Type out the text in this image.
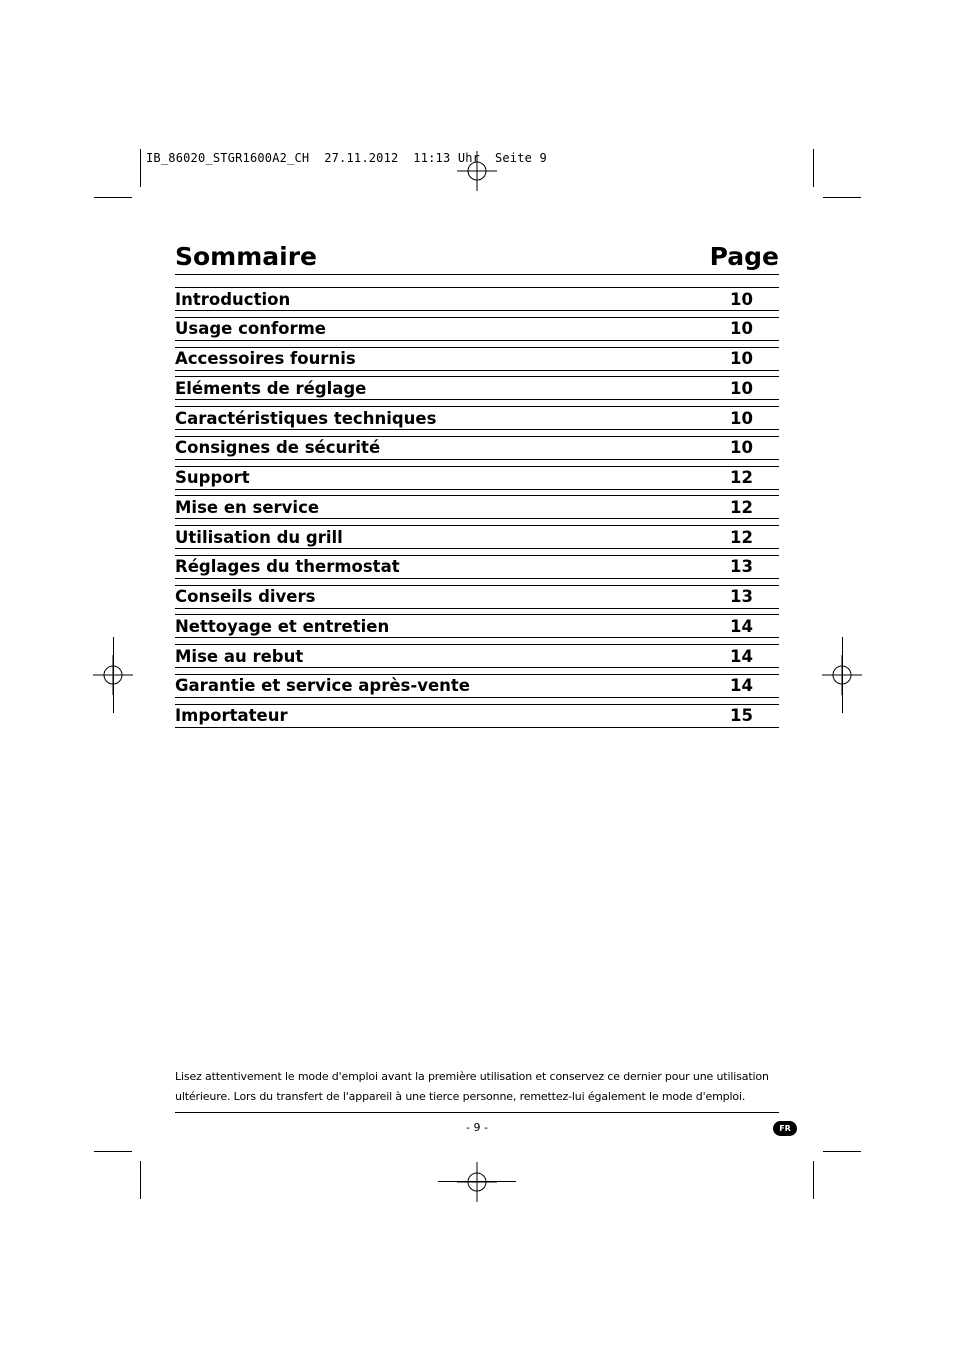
IB_86020_STGR1600A2_CH  27.11.2012  11:13 Uhr  Seite 9
Sommaire	Page
Introduction	10
Usage conforme	10
Accessoires fournis	10
Eléments de réglage	10
Caractéristiques techniques	10
Consignes de sécurité	10
Support	12
Mise en service	12
Utilisation du grill	12
Réglages du thermostat	13
Conseils divers	13
Nettoyage et entretien	14
Mise au rebut	14
Garantie et service après-vente	14
Importateur	15
Lisez attentivement le mode d'emploi avant la première utilisation et conservez ce dernier pour une utilisation
ultérieure. Lors du transfert de l'appareil à une tierce personne, remettez-lui également le mode d'emploi.
- 9 -	FR
